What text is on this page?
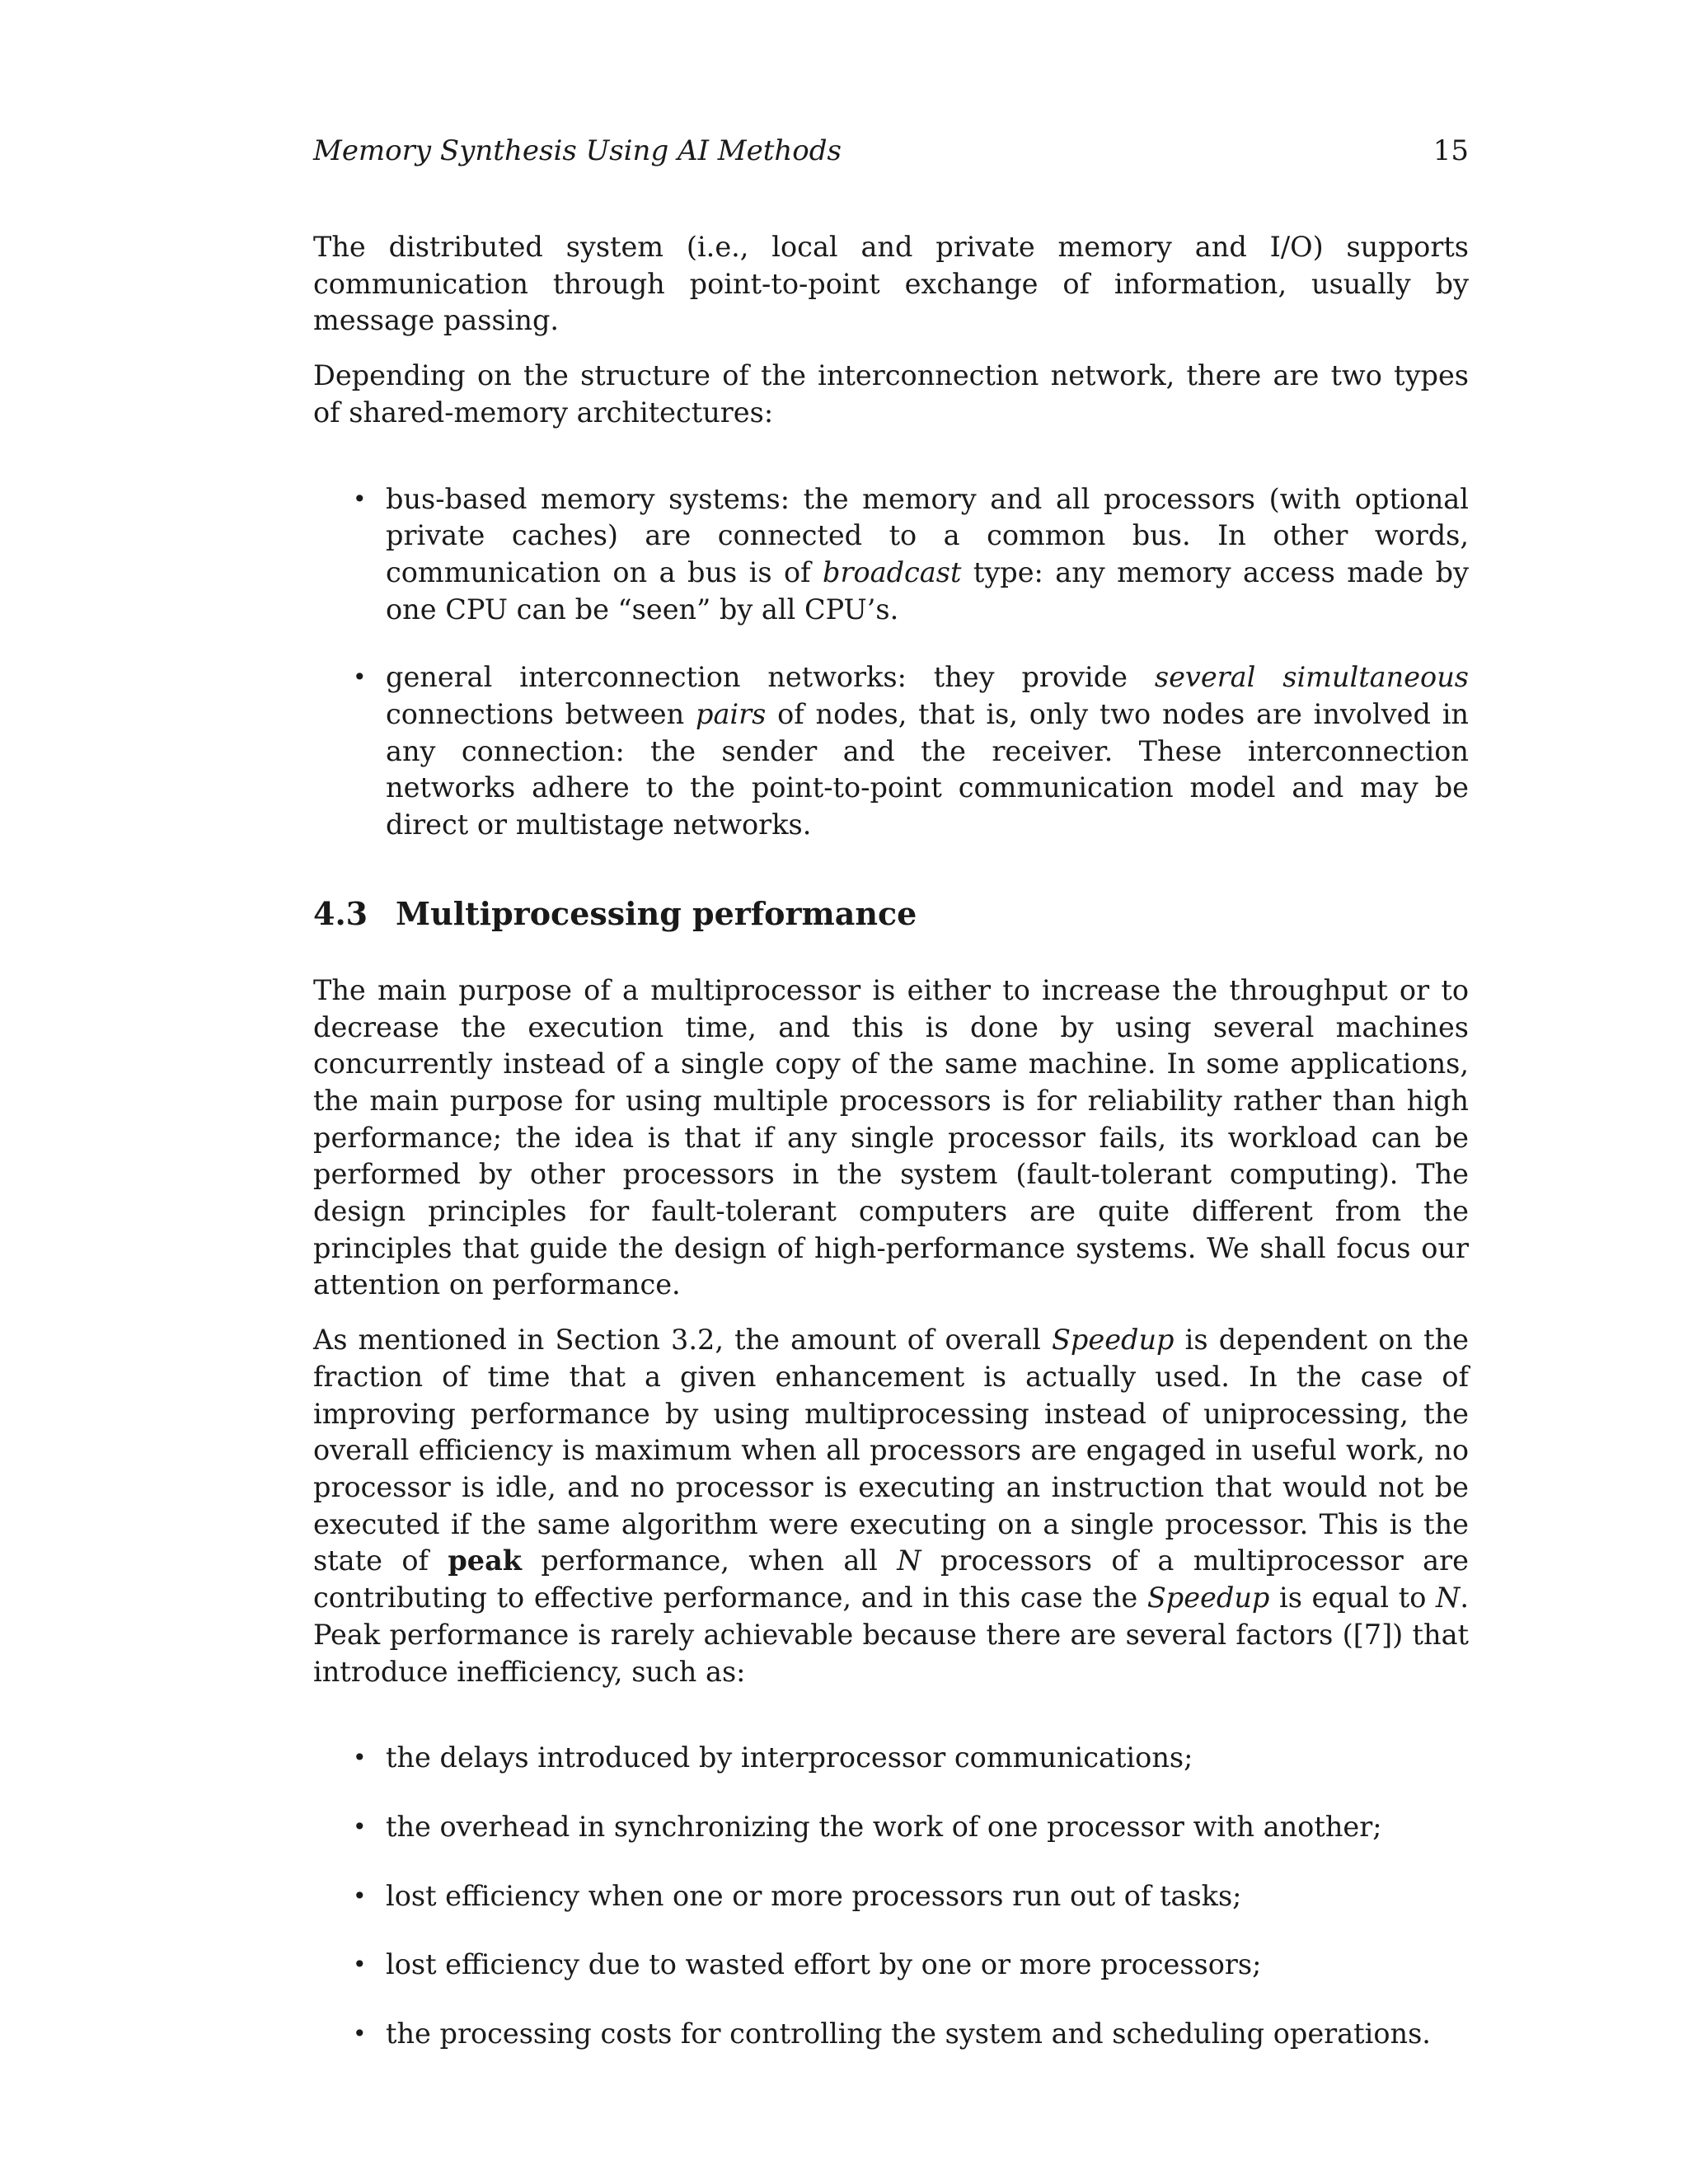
Memory Synthesis Using AI Methods	15

The distributed system (i.e., local and private memory and I/O) supports communication through point-to-point exchange of information, usually by message passing.

Depending on the structure of the interconnection network, there are two types of shared-memory architectures:

• bus-based memory systems: the memory and all processors (with optional private caches) are connected to a common bus. In other words, communication on a bus is of broadcast type: any memory access made by one CPU can be “seen” by all CPU’s.
• general interconnection networks: they provide several simultaneous connections between pairs of nodes, that is, only two nodes are involved in any connection: the sender and the receiver. These interconnection networks adhere to the point-to-point communication model and may be direct or multistage networks.
4.3 Multiprocessing performance

The main purpose of a multiprocessor is either to increase the throughput or to decrease the execution time, and this is done by using several machines concurrently instead of a single copy of the same machine. In some applications, the main purpose for using multiple processors is for reliability rather than high performance; the idea is that if any single processor fails, its workload can be performed by other processors in the system (fault-tolerant computing). The design principles for fault-tolerant computers are quite different from the principles that guide the design of high-performance systems. We shall focus our attention on performance.

As mentioned in Section 3.2, the amount of overall Speedup is dependent on the fraction of time that a given enhancement is actually used. In the case of improving performance by using multiprocessing instead of uniprocessing, the overall efficiency is maximum when all processors are engaged in useful work, no processor is idle, and no processor is executing an instruction that would not be executed if the same algorithm were executing on a single processor. This is the state of peak performance, when all N processors of a multiprocessor are contributing to effective performance, and in this case the Speedup is equal to N. Peak performance is rarely achievable because there are several factors ([7]) that introduce inefficiency, such as:

• the delays introduced by interprocessor communications;
• the overhead in synchronizing the work of one processor with another;
• lost efficiency when one or more processors run out of tasks;
• lost efficiency due to wasted effort by one or more processors;
• the processing costs for controlling the system and scheduling operations.
